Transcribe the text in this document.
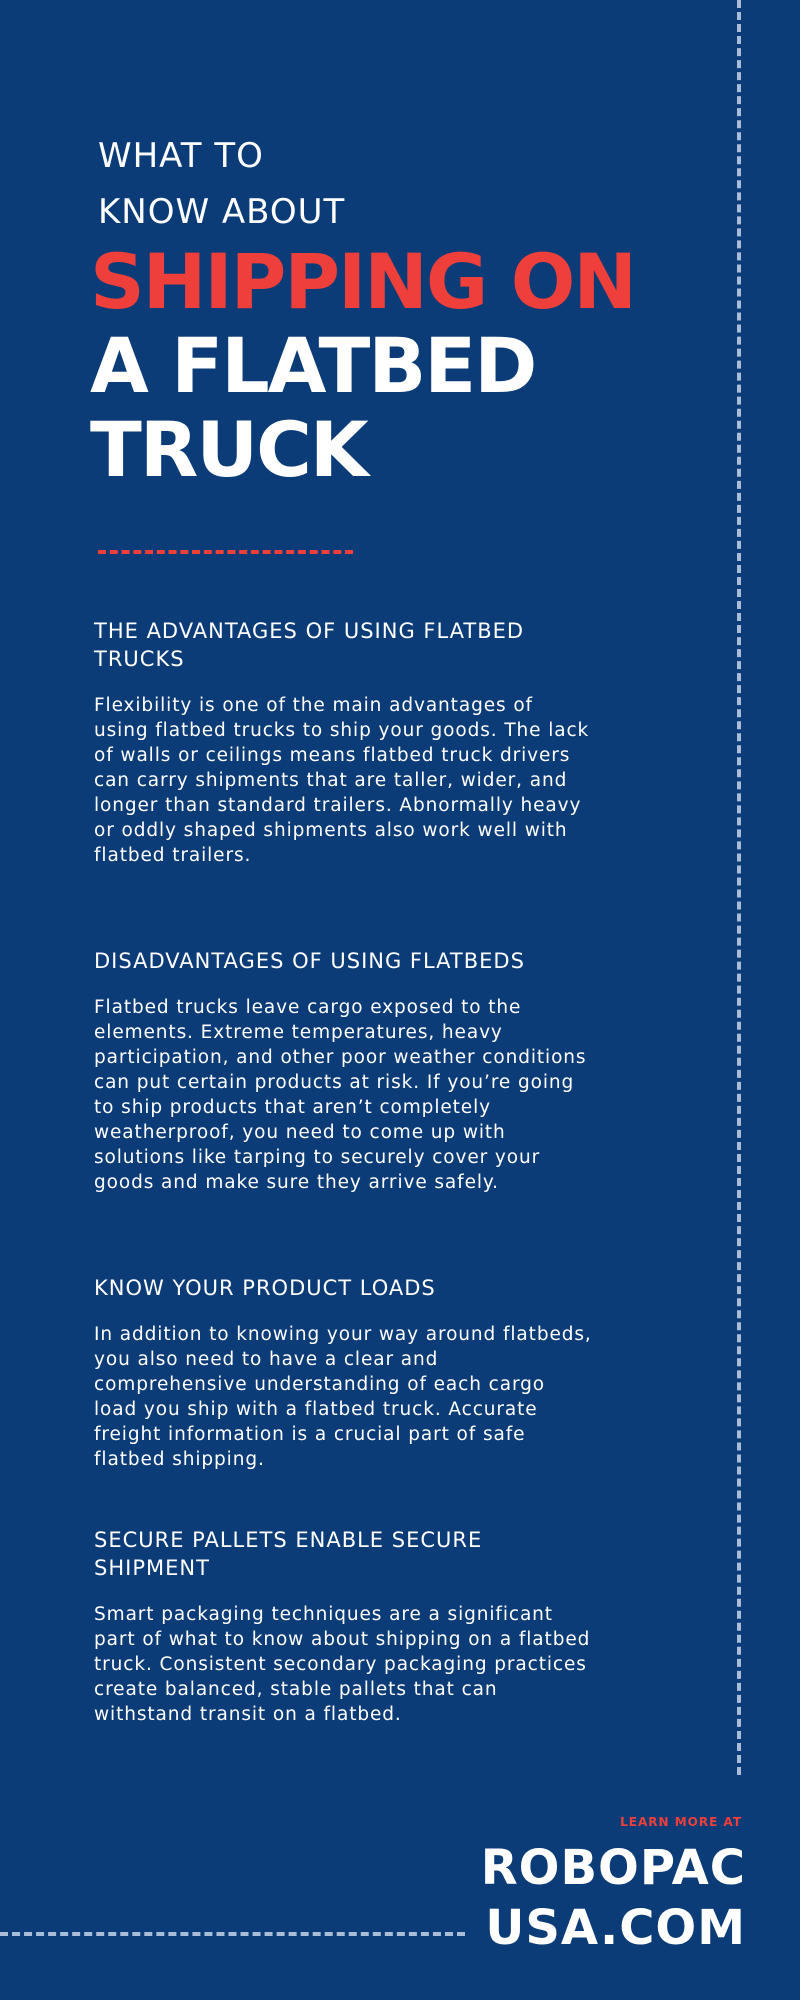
WHAT TO
KNOW ABOUT
SHIPPING ON
A FLATBED
TRUCK
THE ADVANTAGES OF USING FLATBED TRUCKS

Flexibility is one of the main advantages of using flatbed trucks to ship your goods. The lack of walls or ceilings means flatbed truck drivers can carry shipments that are taller, wider, and longer than standard trailers. Abnormally heavy or oddly shaped shipments also work well with flatbed trailers.

DISADVANTAGES OF USING FLATBEDS

Flatbed trucks leave cargo exposed to the elements. Extreme temperatures, heavy participation, and other poor weather conditions can put certain products at risk. If you’re going to ship products that aren’t completely weatherproof, you need to come up with solutions like tarping to securely cover your goods and make sure they arrive safely.

KNOW YOUR PRODUCT LOADS

In addition to knowing your way around flatbeds, you also need to have a clear and comprehensive understanding of each cargo load you ship with a flatbed truck. Accurate freight information is a crucial part of safe flatbed shipping.

SECURE PALLETS ENABLE SECURE SHIPMENT

Smart packaging techniques are a significant part of what to know about shipping on a flatbed truck. Consistent secondary packaging practices create balanced, stable pallets that can withstand transit on a flatbed.

LEARN MORE AT
ROBOPAC
USA.COM
